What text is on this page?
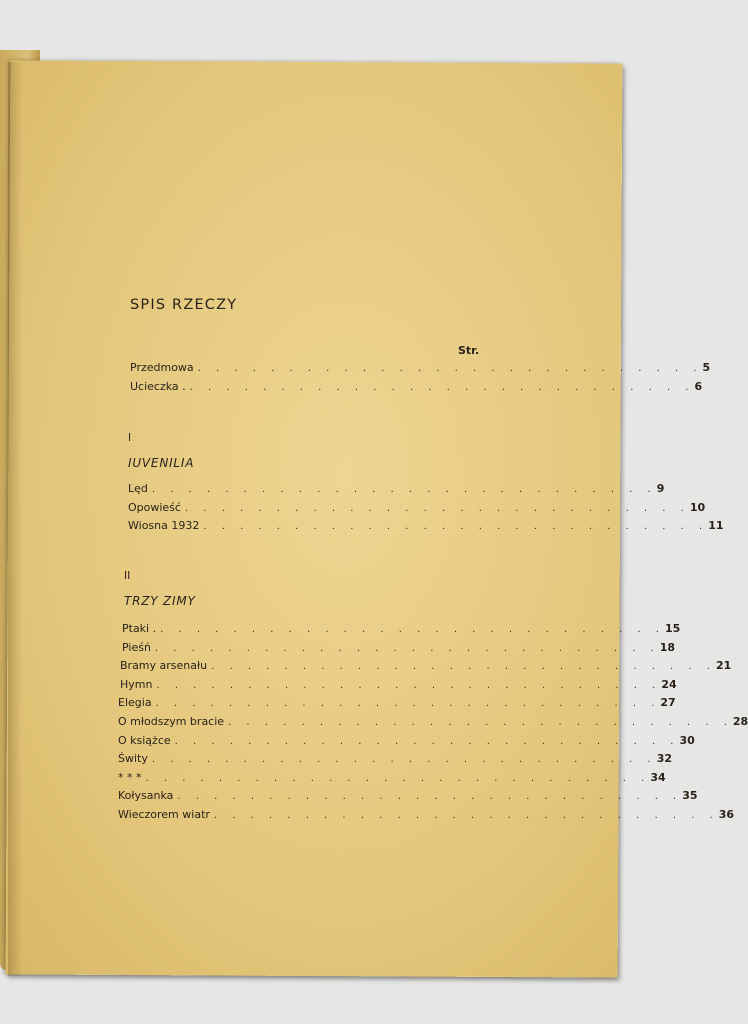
SPIS RZECZY
Str.
Przedmowa . . . . . . . . . . . . . . . . . . . . . . . . . . . . 5
Ucieczka . . . . . . . . . . . . . . . . . . . . . . . . . . . . . 6
I
IUVENILIA
Lęd . . . . . . . . . . . . . . . . . . . . . . . . . . . . 9
Opowieść . . . . . . . . . . . . . . . . . . . . . . . . . . . . 10
Wiosna 1932 . . . . . . . . . . . . . . . . . . . . . . . . . . . . 11
II
TRZY ZIMY
Ptaki . . . . . . . . . . . . . . . . . . . . . . . . . . . . . 15
Pieśń . . . . . . . . . . . . . . . . . . . . . . . . . . . . 18
Bramy arsenału . . . . . . . . . . . . . . . . . . . . . . . . . . . . 21
Hymn . . . . . . . . . . . . . . . . . . . . . . . . . . . . 24
Elegia . . . . . . . . . . . . . . . . . . . . . . . . . . . . 27
O młodszym bracie . . . . . . . . . . . . . . . . . . . . . . . . . . . . 28
O książce . . . . . . . . . . . . . . . . . . . . . . . . . . . . 30
Świty . . . . . . . . . . . . . . . . . . . . . . . . . . . . 32
* * * . . . . . . . . . . . . . . . . . . . . . . . . . . . . 34
Kołysanka . . . . . . . . . . . . . . . . . . . . . . . . . . . . 35
Wieczorem wiatr . . . . . . . . . . . . . . . . . . . . . . . . . . . . 36
